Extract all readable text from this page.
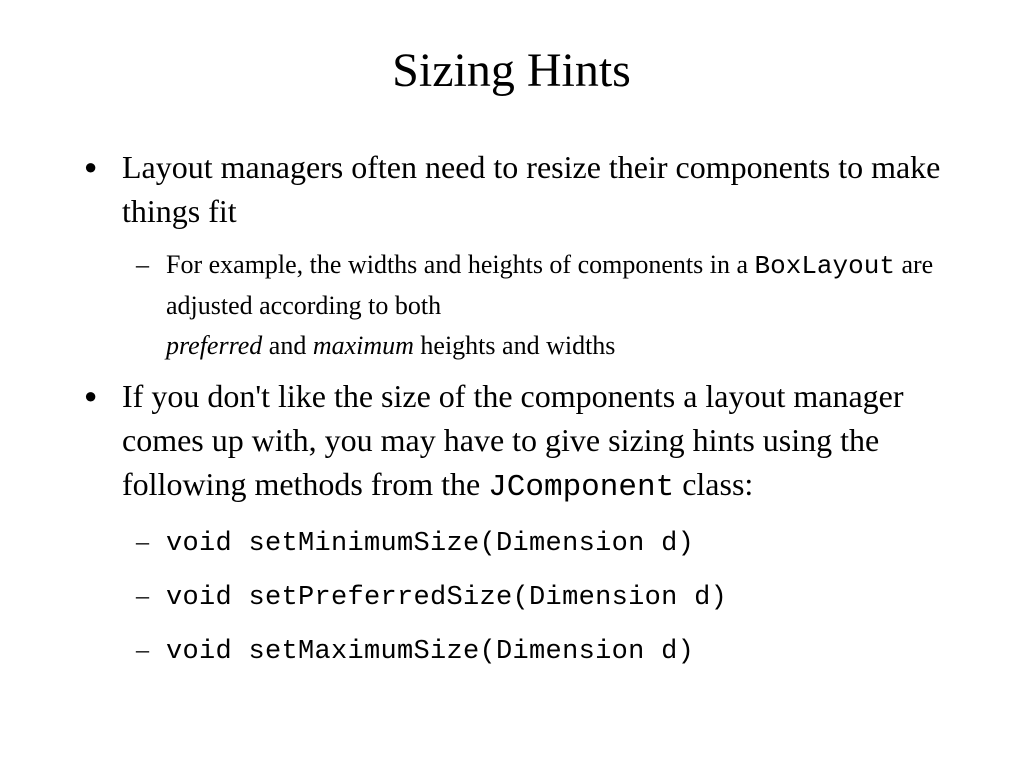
Sizing Hints
● Layout managers often need to resize their components to make things fit
– For example, the widths and heights of components in a BoxLayout are adjusted according to both
preferred and maximum heights and widths
● If you don't like the size of the components a layout manager comes up with, you may have to give sizing hints using the following methods from the JComponent class:
– void setMinimumSize(Dimension d)
– void setPreferredSize(Dimension d)
– void setMaximumSize(Dimension d)
